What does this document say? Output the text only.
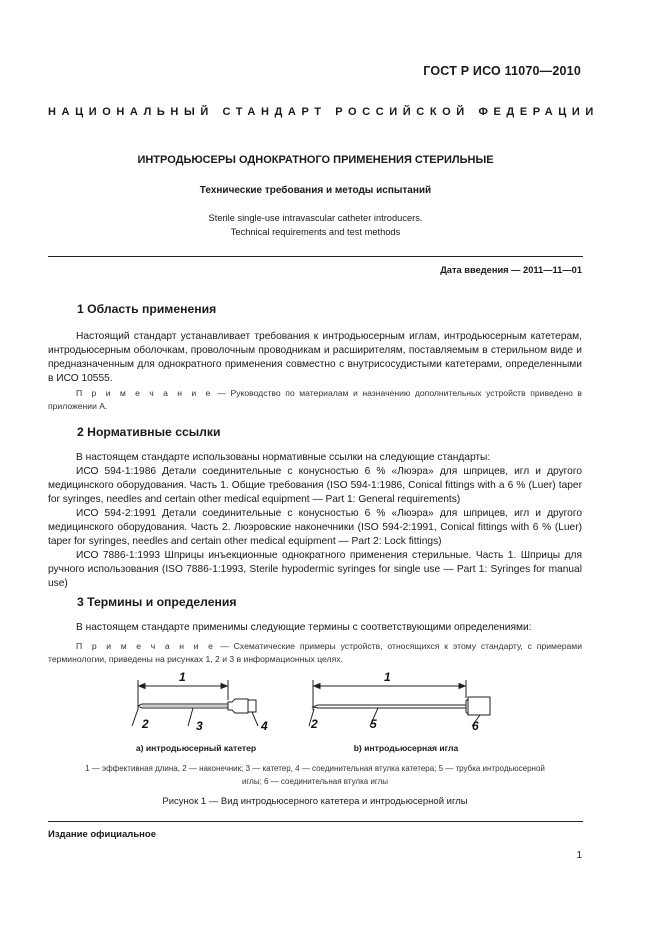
ГОСТ Р ИСО 11070—2010
НАЦИОНАЛЬНЫЙ СТАНДАРТ РОССИЙСКОЙ ФЕДЕРАЦИИ
ИНТРОДЬЮСЕРЫ ОДНОКРАТНОГО ПРИМЕНЕНИЯ СТЕРИЛЬНЫЕ
Технические требования и методы испытаний
Sterile single-use intravascular catheter introducers.
Technical requirements and test methods
Дата введения — 2011—11—01
1 Область применения
Настоящий стандарт устанавливает требования к интродьюсерным иглам, интродьюсерным катетерам, интродьюсерным оболочкам, проволочным проводникам и расширителям, поставляемым в стерильном виде и предназначенным для однократного применения совместно с внутрисосудистыми катетерами, определенными в ИСО 10555.
П р и м е ч а н и е — Руководство по материалам и назначению дополнительных устройств приведено в приложении А.
2 Нормативные ссылки
В настоящем стандарте использованы нормативные ссылки на следующие стандарты:
ИСО 594-1:1986 Детали соединительные с конусностью 6 % «Люэра» для шприцев, игл и другого медицинского оборудования. Часть 1. Общие требования (ISO 594-1:1986, Conical fittings with a 6 % (Luer) taper for syringes, needles and certain other medical equipment — Part 1: General requirements)
ИСО 594-2:1991 Детали соединительные с конусностью 6 % «Люэра» для шприцев, игл и другого медицинского оборудования. Часть 2. Люэровские наконечники (ISO 594-2:1991, Conical fittings with 6 % (Luer) taper for syringes, needles and certain other medical equipment — Part 2: Lock fittings)
ИСО 7886-1:1993 Шприцы инъекционные однократного применения стерильные. Часть 1. Шприцы для ручного использования (ISO 7886-1:1993, Sterile hypodermic syringes for single use — Part 1: Syringes for manual use)
3 Термины и определения
В настоящем стандарте применимы следующие термины с соответствующими определениями:
П р и м е ч а н и е — Схематические примеры устройств, относящихся к этому стандарту, с примерами терминологии, приведены на рисунках 1, 2 и 3 в информационных целях.
1
2	3	4
1
2	5	6
а) интродьюсерный катетер	b) интродьюсерная игла
1 — эффективная длина, 2 — наконечник; 3 — катетер, 4 — соединительная втулка катетера; 5 — трубка интродьюсерной
иглы; 6 — соединительная втулка иглы
Рисунок 1 — Вид интродьюсерного катетера и интродьюсерной иглы
Издание официальное
1
